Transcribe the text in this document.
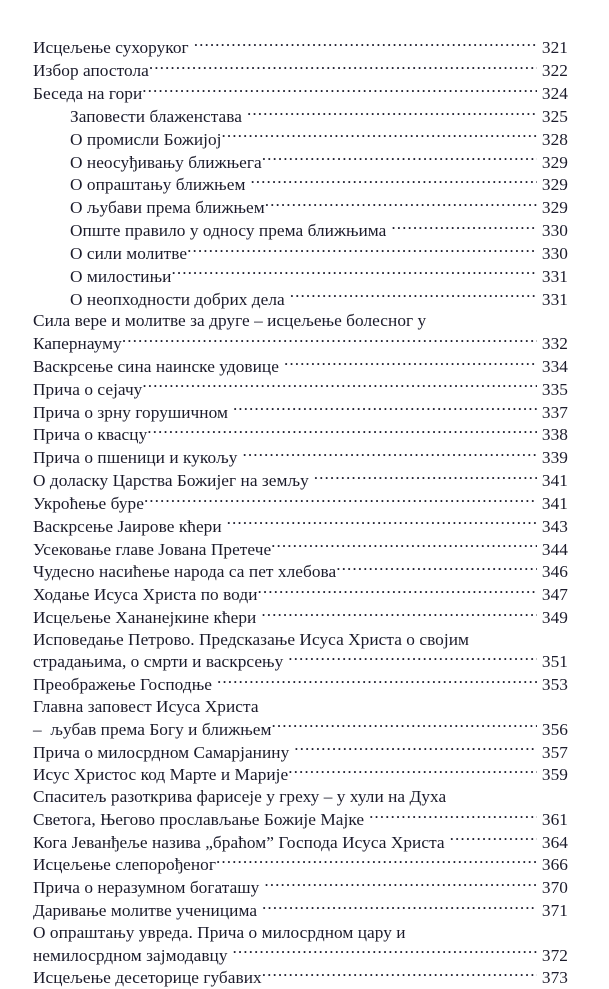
Исцељење сухоруког .....	321
Избор апостола .....	322
Беседа на гори .....	324
Заповести блаженстава .....	325
О промисли Божијој .....	328
О неосуђивању ближњега .....	329
О опраштању ближњем .....	329
О љубави према ближњем .....	329
Опште правило у односу према ближњима .....	330
О сили молитве .....	330
О милостињи .....	331
О неопходности добрих дела .....	331
Сила вере и молитве за друге – исцељење болесног у
Капернауму .....	332
Васкрсење сина наинске удовице .....	334
Прича о сејачу .....	335
Прича о зрну горушичном .....	337
Прича о квасцу .....	338
Прича о пшеници и кукољу .....	339
О доласку Царства Божијег на земљу .....	341
Укроћење буре .....	341
Васкрсење Јаирове кћери .....	343
Усековање главе Јована Претече .....	344
Чудесно насићење народа са пет хлебова .....	346
Ходање Исуса Христа по води .....	347
Исцељење Хананејкине кћери .....	349
Исповедање Петрово. Предсказање Исуса Христа о својим
страдањима, о смрти и васкрсењу .....	351
Преображење Господње .....	353
Главна заповест Исуса Христа
–  љубав према Богу и ближњем .....	356
Прича о милосрдном Самарјанину .....	357
Исус Христос код Марте и Марије .....	359
Спаситељ разоткрива фарисеје у греху – у хули на Духа
Светога, Његово прослављање Божије Мајке .....	361
Кога Јеванђеље назива „браћом” Господа Исуса Христа .....	364
Исцељење слепорођеног .....	366
Прича о неразумном богаташу .....	370
Даривање молитве ученицима .....	371
О опраштању увреда. Прича о милосрдном цару и
немилосрдном зајмодавцу .....	372
Исцељење десеторице губавих .....	373
